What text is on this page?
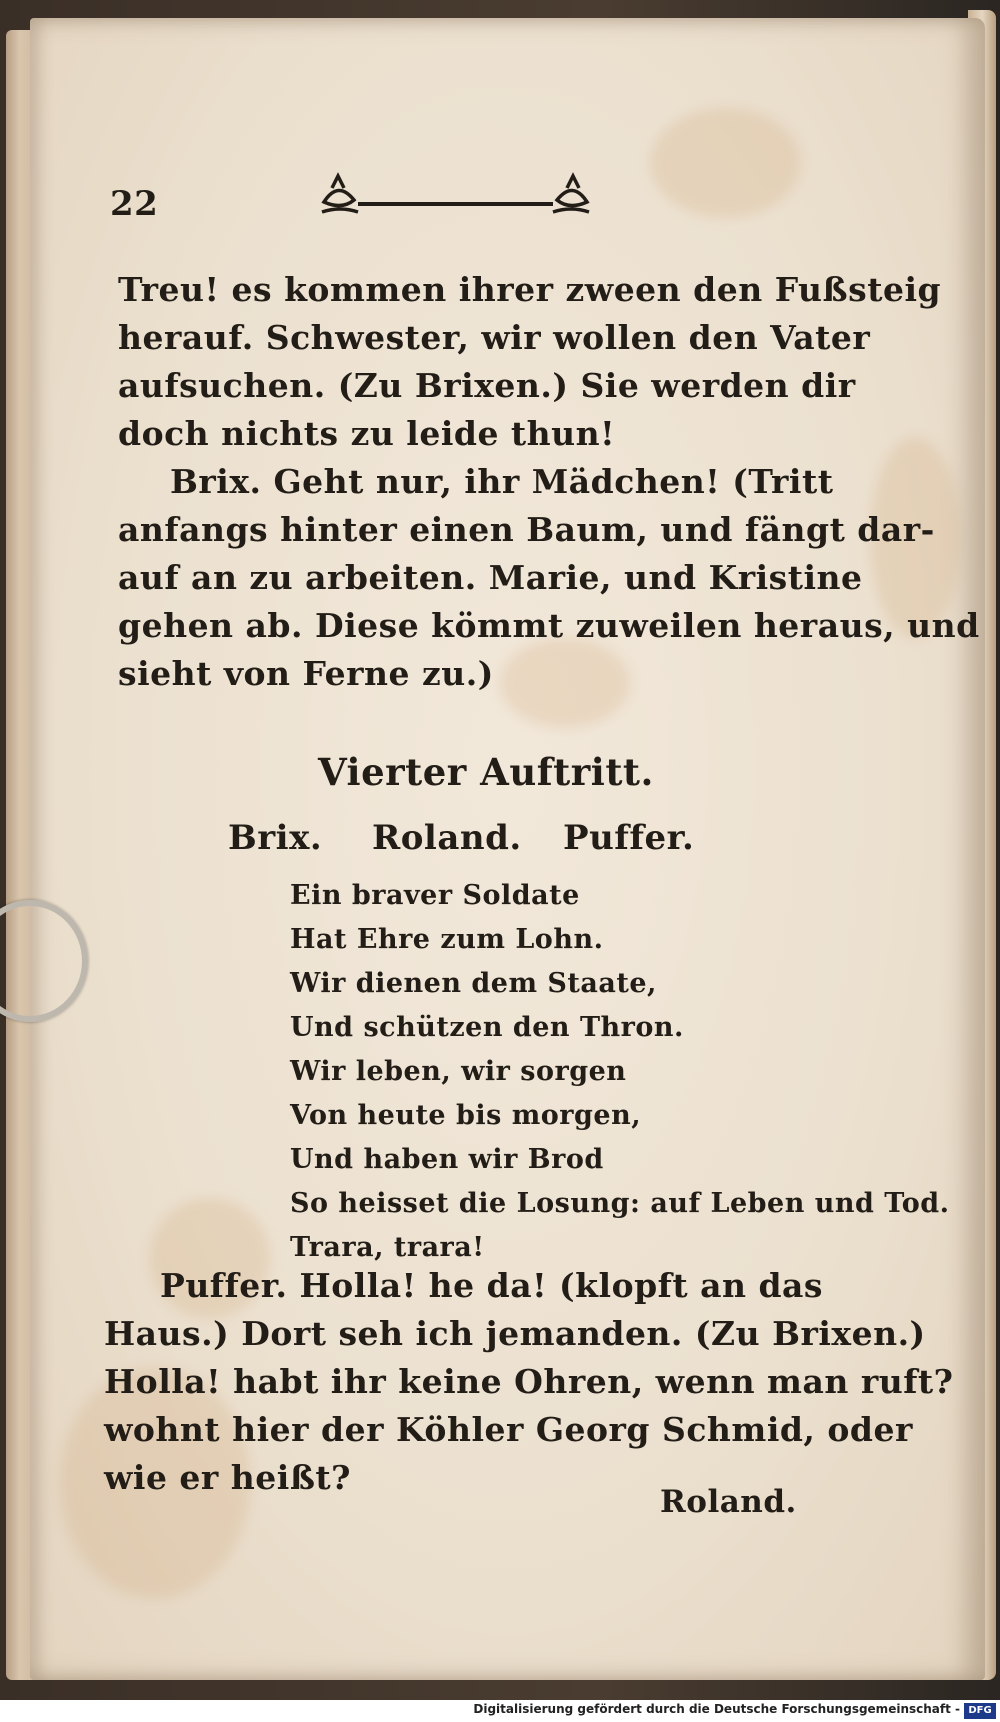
22
Treu! es kommen ihrer zween den Fußsteig
herauf. Schwester, wir wollen den Vater
aufsuchen. (Zu Brixen.) Sie werden dir
doch nichts zu leide thun!
Brix. Geht nur, ihr Mädchen! (Tritt
anfangs hinter einen Baum, und fängt dar-
auf an zu arbeiten. Marie, und Kristine
gehen ab. Diese kömmt zuweilen heraus, und
sieht von Ferne zu.)
Vierter Auftritt.
Brix. Roland. Puffer.
Ein braver Soldate
Hat Ehre zum Lohn.
Wir dienen dem Staate,
Und schützen den Thron.
Wir leben, wir sorgen
Von heute bis morgen,
Und haben wir Brod
So heisset die Losung: auf Leben und Tod.
Trara, trara!
Puffer. Holla! he da! (klopft an das
Haus.) Dort seh ich jemanden. (Zu Brixen.)
Holla! habt ihr keine Ohren, wenn man ruft?
wohnt hier der Köhler Georg Schmid, oder
wie er heißt?
Roland.
Digitalisierung gefördert durch die Deutsche Forschungsgemeinschaft - DFG
